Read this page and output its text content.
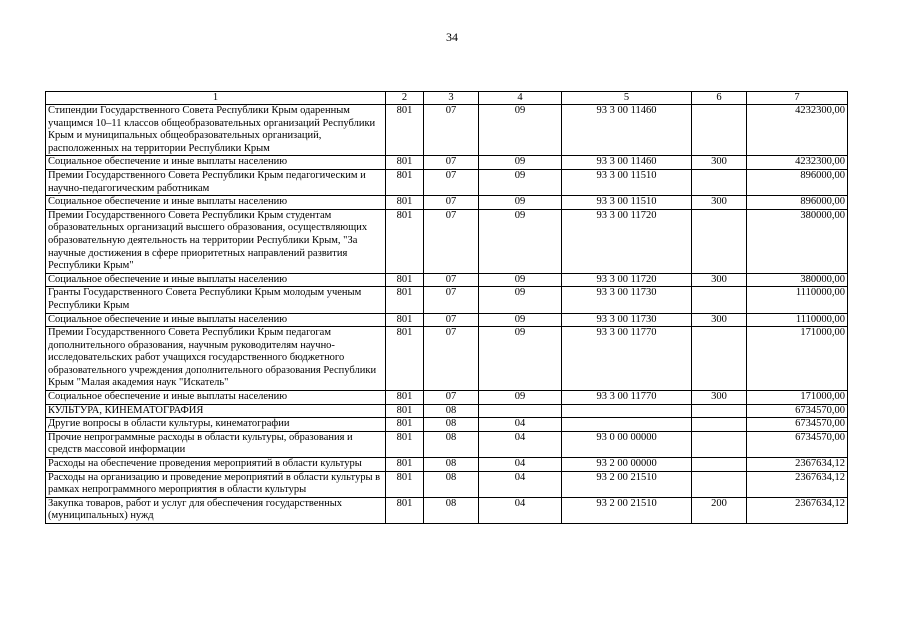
34
1	2	3	4	5	6	7
Стипендии Государственного Совета Республики Крым одаренным учащимся 10–11 классов общеобразовательных организаций Республики Крым и муниципальных общеобразовательных организаций, расположенных на территории Республики Крым	801	07	09	93 3 00 11460		4232300,00

Социальное обеспечение и иные выплаты населению	801	07	09	93 3 00 11460	300	4232300,00

Премии Государственного Совета Республики Крым педагогическим и научно-педагогическим работникам	801	07	09	93 3 00 11510		896000,00

Социальное обеспечение и иные выплаты населению	801	07	09	93 3 00 11510	300	896000,00

Премии Государственного Совета Республики Крым студентам образовательных организаций высшего образования, осуществляющих образовательную деятельность на территории Республики Крым, "За научные достижения в сфере приоритетных направлений развития Республики Крым"	801	07	09	93 3 00 11720		380000,00

Социальное обеспечение и иные выплаты населению	801	07	09	93 3 00 11720	300	380000,00

Гранты Государственного Совета Республики Крым молодым ученым Республики Крым	801	07	09	93 3 00 11730		1110000,00

Социальное обеспечение и иные выплаты населению	801	07	09	93 3 00 11730	300	1110000,00

Премии Государственного Совета Республики Крым педагогам дополнительного образования, научным руководителям научно-исследовательских работ учащихся государственного бюджетного образовательного учреждения дополнительного образования Республики Крым "Малая академия наук "Искатель"	801	07	09	93 3 00 11770		171000,00

Социальное обеспечение и иные выплаты населению	801	07	09	93 3 00 11770	300	171000,00

КУЛЬТУРА, КИНЕМАТОГРАФИЯ	801	08				6734570,00

Другие вопросы в области культуры, кинематографии	801	08	04			6734570,00

Прочие непрограммные расходы в области культуры, образования и средств массовой информации	801	08	04	93 0 00 00000		6734570,00

Расходы на обеспечение проведения мероприятий в области культуры	801	08	04	93 2 00 00000		2367634,12

Расходы на организацию и проведение мероприятий в области культуры в рамках непрограммного мероприятия в области культуры	801	08	04	93 2 00 21510		2367634,12

Закупка товаров, работ и услуг для обеспечения государственных (муниципальных) нужд	801	08	04	93 2 00 21510	200	2367634,12
